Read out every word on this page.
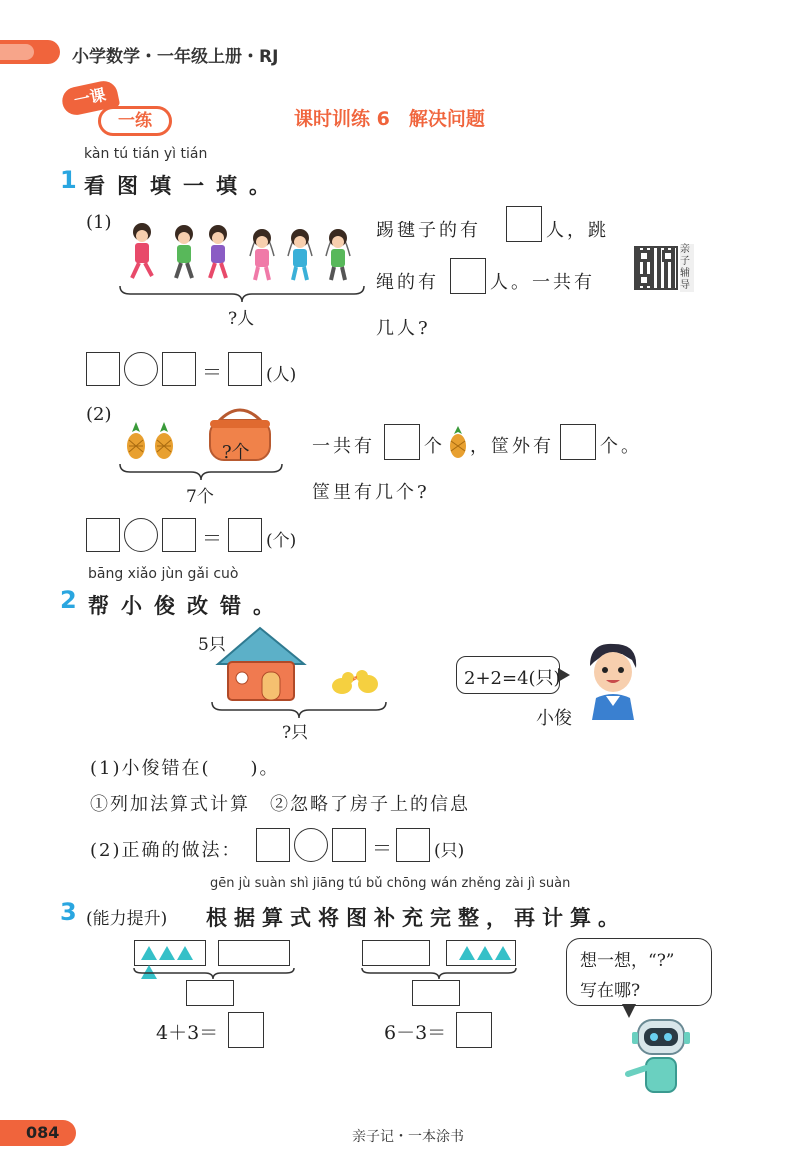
小学数学・一年级上册・RJ
一课
一练	课时训练 6　解决问题
kàn tú tián yì tián
1 看图填一填。
(1)
?人
踢毽子的有	人，跳
绳的有	人。一共有
几人?
亲子辅导
＝	(人)
(2)
?个
7个
一共有	个 ，筐外有	个。
筐里有几个?
＝	(个)
bāng xiǎo jùn gǎi cuò
2 帮小俊改错。
5只
?只
2+2=4(只)
小俊
(1)小俊错在(　　)。
①列加法算式计算　②忽略了房子上的信息
(2)正确的做法：	＝ (只)
gēn jù suàn shì jiāng tú bǔ chōng wán zhěng zài jì suàn
3 (能力提升) 根据算式将图补充完整，再计算。
4＋3＝	6－3＝
想一想，“?”
写在哪?
084	亲子记・一本涂书
